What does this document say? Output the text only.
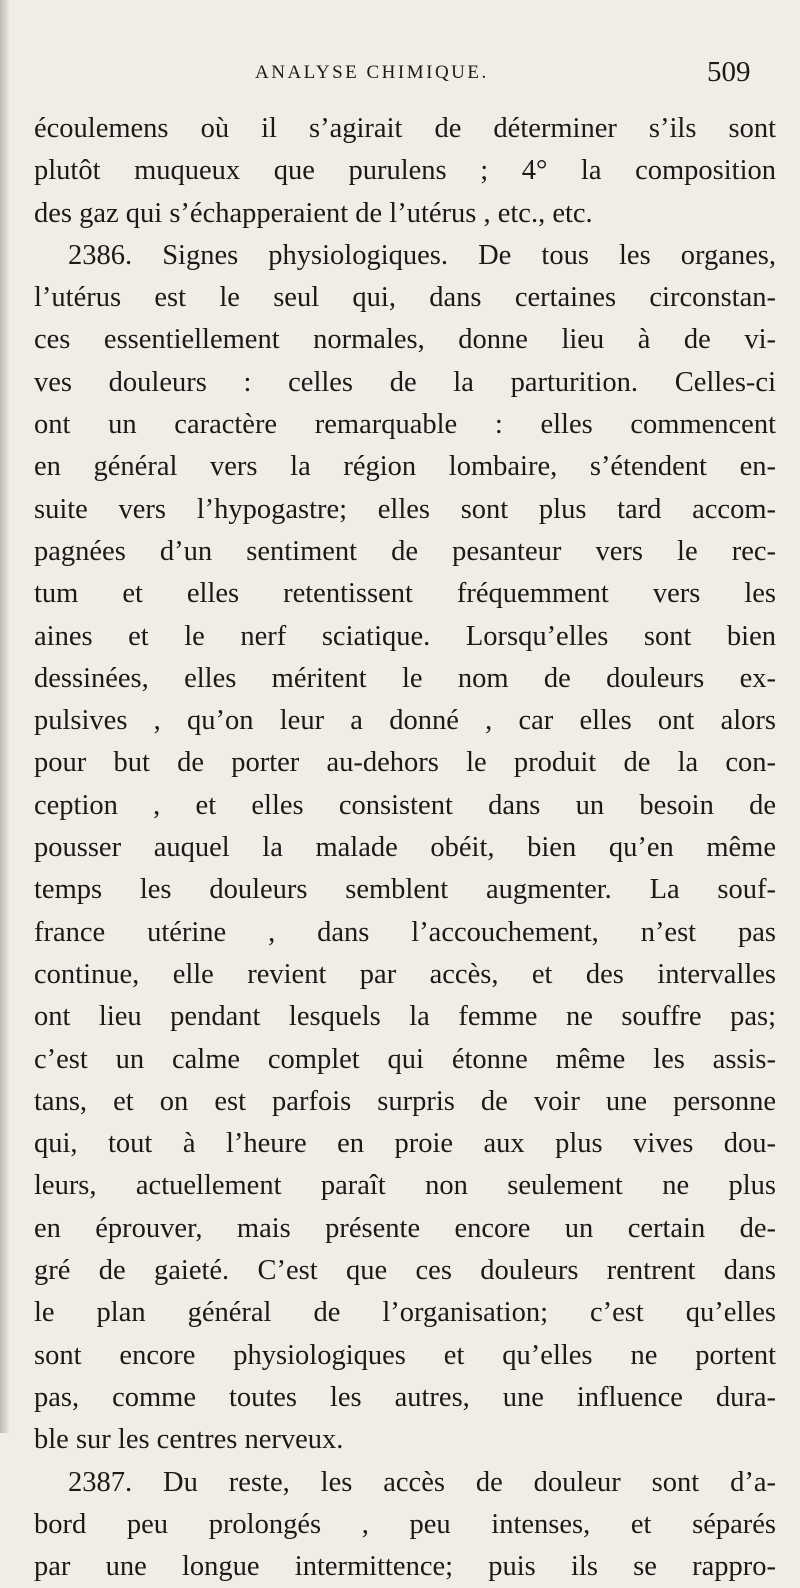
ANALYSE CHIMIQUE.	509
écoulemens où il s’agirait de déterminer s’ils sont
plutôt muqueux que purulens ; 4° la composition
des gaz qui s’échapperaient de l’utérus , etc., etc.
2386. Signes physiologiques. De tous les organes,
l’utérus est le seul qui, dans certaines circonstan-
ces essentiellement normales, donne lieu à de vi-
ves douleurs : celles de la parturition. Celles-ci
ont un caractère remarquable : elles commencent
en général vers la région lombaire, s’étendent en-
suite vers l’hypogastre; elles sont plus tard accom-
pagnées d’un sentiment de pesanteur vers le rec-
tum et elles retentissent fréquemment vers les
aines et le nerf sciatique. Lorsqu’elles sont bien
dessinées, elles méritent le nom de douleurs ex-
pulsives , qu’on leur a donné , car elles ont alors
pour but de porter au-dehors le produit de la con-
ception , et elles consistent dans un besoin de
pousser auquel la malade obéit, bien qu’en même
temps les douleurs semblent augmenter. La souf-
france utérine , dans l’accouchement, n’est pas
continue, elle revient par accès, et des intervalles
ont lieu pendant lesquels la femme ne souffre pas;
c’est un calme complet qui étonne même les assis-
tans, et on est parfois surpris de voir une personne
qui, tout à l’heure en proie aux plus vives dou-
leurs, actuellement paraît non seulement ne plus
en éprouver, mais présente encore un certain de-
gré de gaieté. C’est que ces douleurs rentrent dans
le plan général de l’organisation; c’est qu’elles
sont encore physiologiques et qu’elles ne portent
pas, comme toutes les autres, une influence dura-
ble sur les centres nerveux.
2387. Du reste, les accès de douleur sont d’a-
bord peu prolongés , peu intenses, et séparés
par une longue intermittence; puis ils se rappro-
